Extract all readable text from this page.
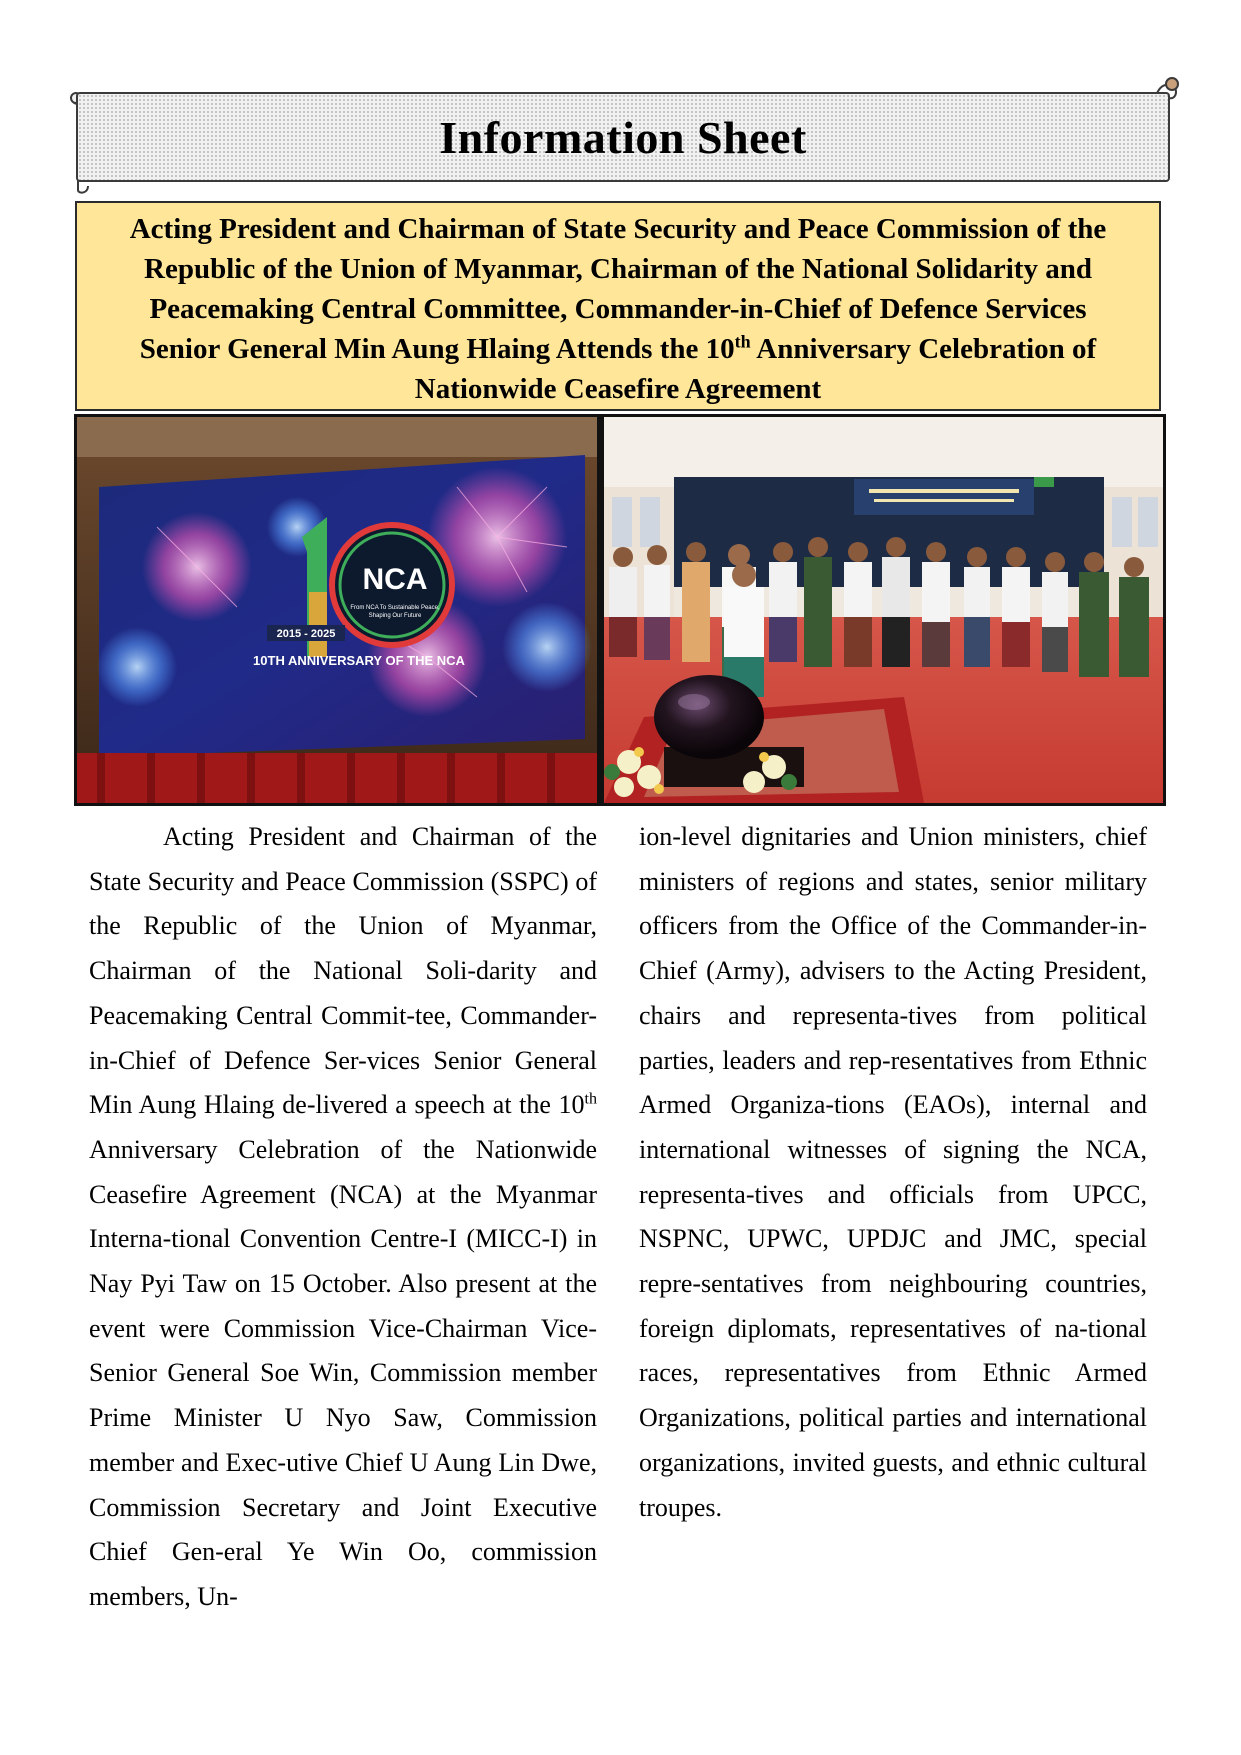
Information Sheet
Acting President and Chairman of State Security and Peace Commission of the
Republic of the Union of Myanmar, Chairman of the National Solidarity and
Peacemaking Central Committee, Commander-in-Chief of Defence Services
Senior General Min Aung Hlaing Attends the 10th Anniversary Celebration of
Nationwide Ceasefire Agreement
NCA
From NCA To Sustainable Peace,
Shaping Our Future
2015 - 2025
10TH ANNIVERSARY OF THE NCA
Acting President and Chairman of the State Security and Peace Commission (SSPC) of the Republic of the Union of Myanmar, Chairman of the National Soli-darity and Peacemaking Central Commit-tee, Commander-in-Chief of Defence Ser-vices Senior General Min Aung Hlaing de-livered a speech at the 10th Anniversary Celebration of the Nationwide Ceasefire Agreement (NCA) at the Myanmar Interna-tional Convention Centre-I (MICC-I) in Nay Pyi Taw on 15 October. Also present at the event were Commission Vice-Chairman Vice-Senior General Soe Win, Commission member Prime Minister U Nyo Saw, Commission member and Exec-utive Chief U Aung Lin Dwe, Commission Secretary and Joint Executive Chief Gen-eral Ye Win Oo, commission members, Un-
ion-level dignitaries and Union ministers, chief ministers of regions and states, senior military officers from the Office of the Commander-in-Chief (Army), advisers to the Acting President, chairs and representa-tives from political parties, leaders and rep-resentatives from Ethnic Armed Organiza-tions (EAOs), internal and international witnesses of signing the NCA, representa-tives and officials from UPCC, NSPNC, UPWC, UPDJC and JMC, special repre-sentatives from neighbouring countries, foreign diplomats, representatives of na-tional races, representatives from Ethnic Armed Organizations, political parties and international organizations, invited guests, and ethnic cultural troupes.
